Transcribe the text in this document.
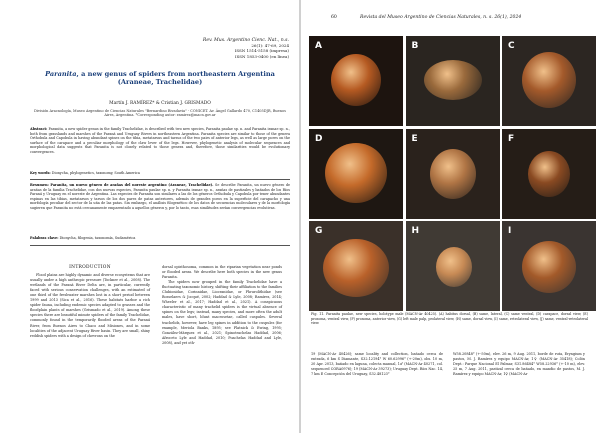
Rev. Mus. Argentino Cienc. Nat., n.s.
26(1): 47-69, 2024
ISSN 1514-5158 (impresa)
ISSN 1853-0400 (en línea)
Paranita, a new genus of spiders from northeastern Argentina
(Araneae, Trachelidae)
Martín J. RAMÍREZ* & Cristian J. GRISMADO
División Aracnología, Museo Argentino de Ciencias Naturales "Bernardino Rivadavia" - CONICET. Av. Ángel Gallardo 470, C1405DJR, Buenos Aires, Argentina. *Corresponding autor: ramirez@macn.gov.ar
Abstract: Paranita, a new spider genus in the family Trachelidae, is described with two new species, Paranita paulae sp. n. and Paranita iranae sp. n., both from grasslands and marshes of the Paraná and Uruguay Rivers in northeastern Argentina. Paranita species are similar to those of the genera Orthobula and Capobula in having abundant spines on the tibia, metatarsus and tarsus of the two pairs of anterior legs, as well as large pores on the surface of the carapace and a peculiar morphology of the claw lever of the legs. However, phylogenetic analysis of molecular sequences and morphological data suggests that Paranita is not closely related to those genera and, therefore, those similarities would be evolutionary convergences.
Key words: Dionycha, phylogenetics, taxonomy, South America
Resumen: Paranita, un nuevo género de arañas del noreste argentino (Araneae, Trachelidae). Se describe Paranita, un nuevo género de arañas de la familia Trachelidae, con dos nuevas especies, Paranita paulae sp. n. y Paranita iranae sp. n., arañas de pastizales y bañados de los Ríos Paraná y Uruguay en el noreste de Argentina. Las especies de Paranita son similares a las de los géneros Orthobula y Capobula por tener abundantes espinas en las tibias, metatarsos y tarsos de los dos pares de patas anteriores, además de grandes poros en la superficie del carapacho y una morfología peculiar del sector de la uña de las patas. Sin embargo, el análisis filogenético de los datos de secuencias moleculares y de la morfología sugieren que Paranita no está cercanamente emparentado a aquellos géneros y, por lo tanto, esas similitudes serían convergencias evolutivas.
Palabras clave: Dionycha, filogenia, taxonomía, Sudamérica
INTRODUCTION

Flood plains are highly dynamic and diverse ecosystems that are usually under a high anthropic pressure (Tockner et al., 2008). The wetlands of the Paraná River Delta are, in particular, currently faced with serious conservation challenges, with an estimated of one third of the freshwater marshes lost in a short period between 1999 and 2013 (Sica et al., 2016). These habitats harbor a rich spider fauna, including endemic species adapted to grasses and the floodplain plants of marshes (Grismado et al., 2019). Among these species there are beautiful minute spiders of the family Trachelidae, commonly found in the temporarily flooded areas of the Paraná River, from Buenos Aires to Chaco and Misiones, and in some localities of the adjacent Uruguay River basin. They are small, shiny reddish spiders with a design of chevrons on the

dorsal opisthosoma, common in the riparian vegetation near ponds or flooded areas. We describe here both species in the new genus Paranita.

The spiders now grouped in the family Trachelidae have a fluctuating taxonomic history, shifting their affiliation to the families Clubionidae, Corinnidae, Liocranidae, or Phrurolithidae (see Bosselaers & Jocqué, 2002; Haddad & Lyle, 2008; Ramírez, 2014; Wheeler et al., 2017; Haddad et al., 2021). A conspicuous characteristic of many trachelid spiders is the virtual absence of spines on the legs; instead, many species, and more often the adult males, have short, blunt macrosetae, called cuspules. Several trachelids, however, have leg spines in addition to the cuspules (for example, Meriola Banks, 1895; see Platnick & Ewing, 1995; González-Márquez et al., 2021; Spinotrachelas Haddad, 2006; Afroceto Lyle and Haddad, 2010; Poachelas Haddad and Lyle, 2008), and yet oth-

60	Revista del Museo Argentino de Ciencias Naturales, n. s. 26(1), 2024
A	B	C
D	E	F
G	H	I
Fig. 11. Paranita paulae, new species, holotype male (MACN-Ar 40425). (A) habitus dorsal, (B) same, lateral, (C) same ventral, (D) carapace, dorsal view, (E) prosoma, ventral view, (F) prosoma, anterior view, (G) left male palp, prolateral view, (H) same, dorsal view, (I) same, retrolateral view, (J) same, ventral-retrolateral view.

19 (MACN-Ar 40426); same locality and collection, bañado cerca de entrada, 6 km S Diamante, S32.12194° W 60.62996° (+-20m), obs. 10 m, 20 Apr. 2013, bañado en laguna, colecta manual, 1♂ (MACN-Ar 40271, col. sequenced CORA0976); 19 (MACN-Ar 39273); Uruguay Dept. Ríos Nac. 14, 7 km E Concepción del Uruguay, S32.48123°

W58.20848° (+-50m), elev. 26 m, 9 Aug. 2011, borde de ruta, Eryngium y pastos, M. J. Ramírez y equipo MACN-Ar, 1♀ (MACN-Ar 35418); Colón Dept.: Parque Nacional El Palmar, S31.86484° W58.22936° (+-10 m), elev. 25 m, 7 Aug. 2011, pastizal cerca de bañado, en mandio de pastos, M. J. Ramírez y equipo MACN-Ar, 1♀ (MACN-Ar
